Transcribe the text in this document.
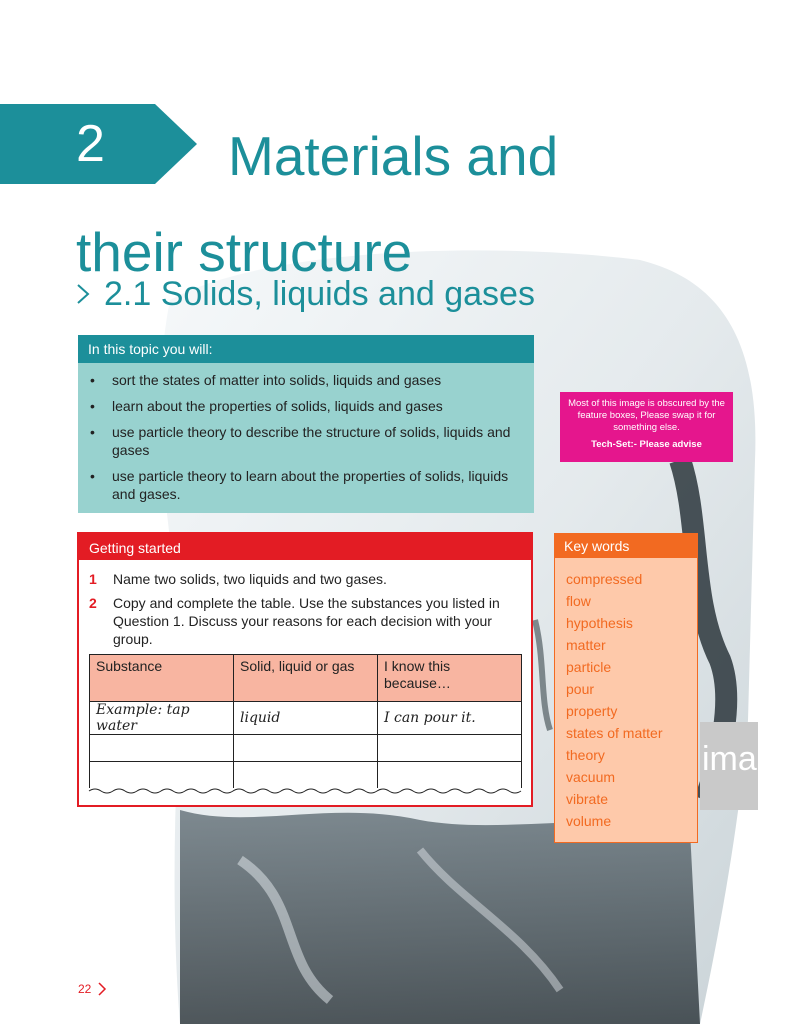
2	Materials and their structure
2.1 Solids, liquids and gases
In this topic you will:
• sort the states of matter into solids, liquids and gases
• learn about the properties of solids, liquids and gases
• use particle theory to describe the structure of solids, liquids and gases
• use particle theory to learn about the properties of solids, liquids and gases.
Most of this image is obscured by the feature boxes, Please swap it for something else.
Tech-Set:- Please advise
Getting started
1	Name two solids, two liquids and two gases.
2	Copy and complete the table. Use the substances you listed in Question 1. Discuss your reasons for each decision with your group.
Substance	Solid, liquid or gas	I know this because…
Example: tap water	liquid	I can pour it.

Key words
compressed
flow
hypothesis
matter
particle
pour
property
states of matter
theory
vacuum
vibrate
volume
image
22
